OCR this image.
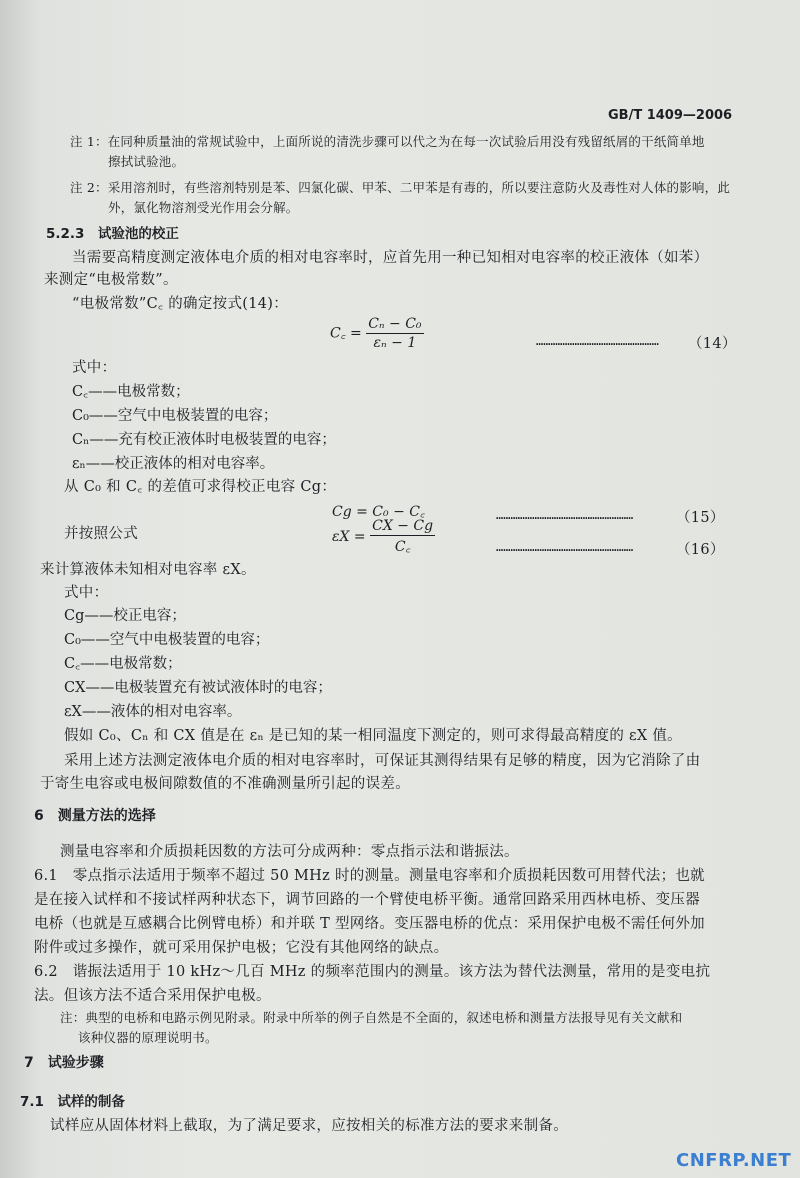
GB/T 1409—2006
注 1：在同种质量油的常规试验中，上面所说的清洗步骤可以代之为在每一次试验后用没有残留纸屑的干纸简单地
擦拭试验池。
注 2：采用溶剂时，有些溶剂特别是苯、四氯化碳、甲苯、二甲苯是有毒的，所以要注意防火及毒性对人体的影响，此
外，氯化物溶剂受光作用会分解。
5.2.3　试验池的校正
当需要高精度测定液体电介质的相对电容率时，应首先用一种已知相对电容率的校正液体（如苯）
来测定“电极常数”。
“电极常数”C꜀ 的确定按式(14)：
C꜀ = $\frac{\text{Cₙ − C₀}}{\text{εₙ − 1}}$	…………………………………………… （14）
式中：
C꜀——电极常数；
C₀——空气中电极装置的电容；
Cₙ——充有校正液体时电极装置的电容；
εₙ——校正液体的相对电容率。
从 C₀ 和 C꜀ 的差值可求得校正电容 Cg：
Cg = C₀ − C꜀	…………………………………………………	（15）
并按照公式	$\varepsilon X = \frac{CX - Cg}{C꜀}$	…………………………………………………	（16）
来计算液体未知相对电容率 εX。
式中：
Cg——校正电容；
C₀——空气中电极装置的电容；
C꜀——电极常数；
CX——电极装置充有被试液体时的电容；
εX——液体的相对电容率。
假如 C₀、Cₙ 和 CX 值是在 εₙ 是已知的某一相同温度下测定的，则可求得最高精度的 εX 值。
采用上述方法测定液体电介质的相对电容率时，可保证其测得结果有足够的精度，因为它消除了由
于寄生电容或电极间隙数值的不准确测量所引起的误差。
6　测量方法的选择
测量电容率和介质损耗因数的方法可分成两种：零点指示法和谐振法。
6.1　零点指示法适用于频率不超过 50 MHz 时的测量。测量电容率和介质损耗因数可用替代法；也就
是在接入试样和不接试样两种状态下，调节回路的一个臂使电桥平衡。通常回路采用西林电桥、变压器
电桥（也就是互感耦合比例臂电桥）和并联 T 型网络。变压器电桥的优点：采用保护电极不需任何外加
附件或过多操作，就可采用保护电极；它没有其他网络的缺点。
6.2　谐振法适用于 10 kHz～几百 MHz 的频率范围内的测量。该方法为替代法测量，常用的是变电抗
法。但该方法不适合采用保护电极。
注：典型的电桥和电路示例见附录。附录中所举的例子自然是不全面的，叙述电桥和测量方法报导见有关文献和
该种仪器的原理说明书。
7　试验步骤
7.1　试样的制备
试样应从固体材料上截取，为了满足要求，应按相关的标准方法的要求来制备。
CNFRP.NET
